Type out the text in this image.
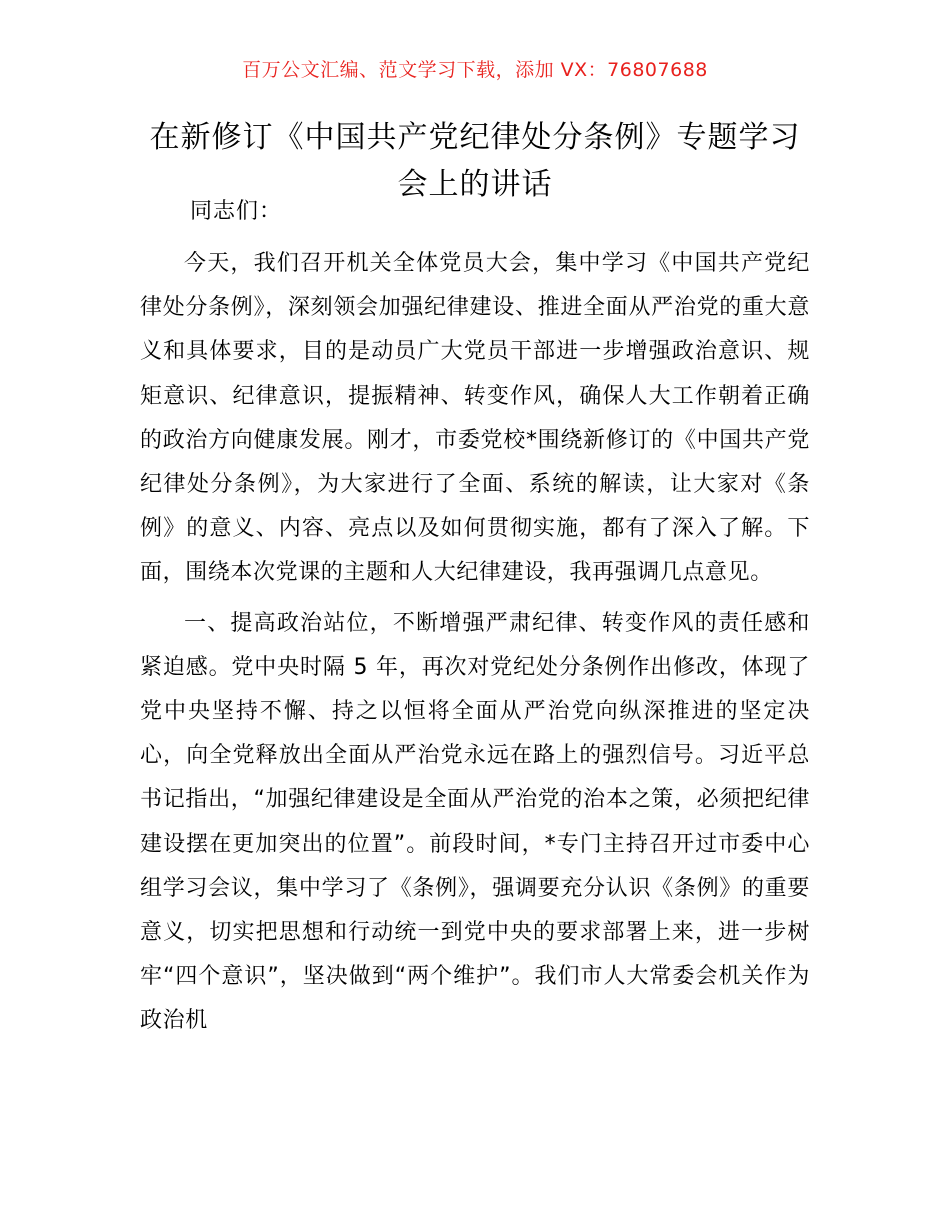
百万公文汇编、范文学习下载，添加 VX：76807688
在新修订《中国共产党纪律处分条例》专题学习会上的讲话

同志们：

今天，我们召开机关全体党员大会，集中学习《中国共产党纪律处分条例》，深刻领会加强纪律建设、推进全面从严治党的重大意义和具体要求，目的是动员广大党员干部进一步增强政治意识、规矩意识、纪律意识，提振精神、转变作风，确保人大工作朝着正确的政治方向健康发展。刚才，市委党校*围绕新修订的《中国共产党纪律处分条例》，为大家进行了全面、系统的解读，让大家对《条例》的意义、内容、亮点以及如何贯彻实施，都有了深入了解。下面，围绕本次党课的主题和人大纪律建设，我再强调几点意见。

一、提高政治站位，不断增强严肃纪律、转变作风的责任感和紧迫感。党中央时隔 5 年，再次对党纪处分条例作出修改，体现了党中央坚持不懈、持之以恒将全面从严治党向纵深推进的坚定决心，向全党释放出全面从严治党永远在路上的强烈信号。习近平总书记指出，“加强纪律建设是全面从严治党的治本之策，必须把纪律建设摆在更加突出的位置”。前段时间，*专门主持召开过市委中心组学习会议，集中学习了《条例》，强调要充分认识《条例》的重要意义，切实把思想和行动统一到党中央的要求部署上来，进一步树牢“四个意识”，坚决做到“两个维护”。我们市人大常委会机关作为政治机
